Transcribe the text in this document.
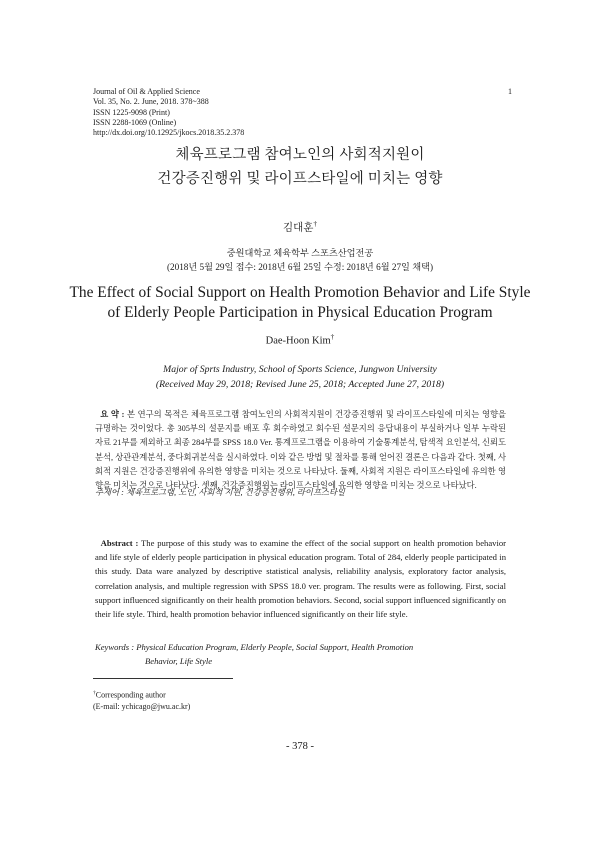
Journal of Oil & Applied Science
Vol. 35, No. 2. June, 2018. 378~388
ISSN 1225-9098 (Print)
ISSN 2288-1069 (Online)
http://dx.doi.org/10.12925/jkocs.2018.35.2.378
1
체육프로그램 참여노인의 사회적지원이
건강증진행위 및 라이프스타일에 미치는 영향
김대훈†
중원대학교 체육학부 스포츠산업전공
(2018년 5월 29일 접수: 2018년 6월 25일 수정: 2018년 6월 27일 채택)
The Effect of Social Support on Health Promotion Behavior and Life Style
of Elderly People Participation in Physical Education Program
Dae-Hoon Kim†
Major of Sprts Industry, School of Sports Science, Jungwon University
(Received May 29, 2018; Revised June 25, 2018; Accepted June 27, 2018)
요 약 : 본 연구의 목적은 체육프로그램 참여노인의 사회적지원이 건강증진행위 및 라이프스타일에 미치는 영향을 규명하는 것이었다. 총 305부의 설문지를 배포 후 회수하였고 회수된 설문지의 응답내용이 부실하거나 일부 누락된 자료 21부를 제외하고 최종 284부를 SPSS 18.0 Ver. 통계프로그램을 이용하여 기술통계분석, 탐색적 요인분석, 신뢰도 분석, 상관관계분석, 중다회귀분석을 실시하였다. 이와 같은 방법 및 절차를 통해 얻어진 결론은 다음과 같다. 첫째, 사회적 지원은 건강증진행위에 유의한 영향을 미치는 것으로 나타났다. 둘째, 사회적 지원은 라이프스타일에 유의한 영향을 미치는 것으로 나타났다. 셋째, 건강증진행위는 라이프스타일에 유의한 영향을 미치는 것으로 나타났다.
주제어 : 체육프로그램, 노인, 사회적 지원, 건강증진행위, 라이프스타일
Abstract : The purpose of this study was to examine the effect of the social support on health promotion behavior and life style of elderly people participation in physical education program. Total of 284, elderly people participated in this study. Data ware analyzed by descriptive statistical analysis, reliability analysis, exploratory factor analysis, correlation analysis, and multiple regression with SPSS 18.0 ver. program. The results were as following. First, social support influenced significantly on their health promotion behaviors. Second, social support influenced significantly on their life style. Third, health promotion behavior influenced significantly on their life style.
Keywords : Physical Education Program, Elderly People, Social Support, Health Promotion
Behavior, Life Style
†Corresponding author
(E-mail: ychicago@jwu.ac.kr)
- 378 -
